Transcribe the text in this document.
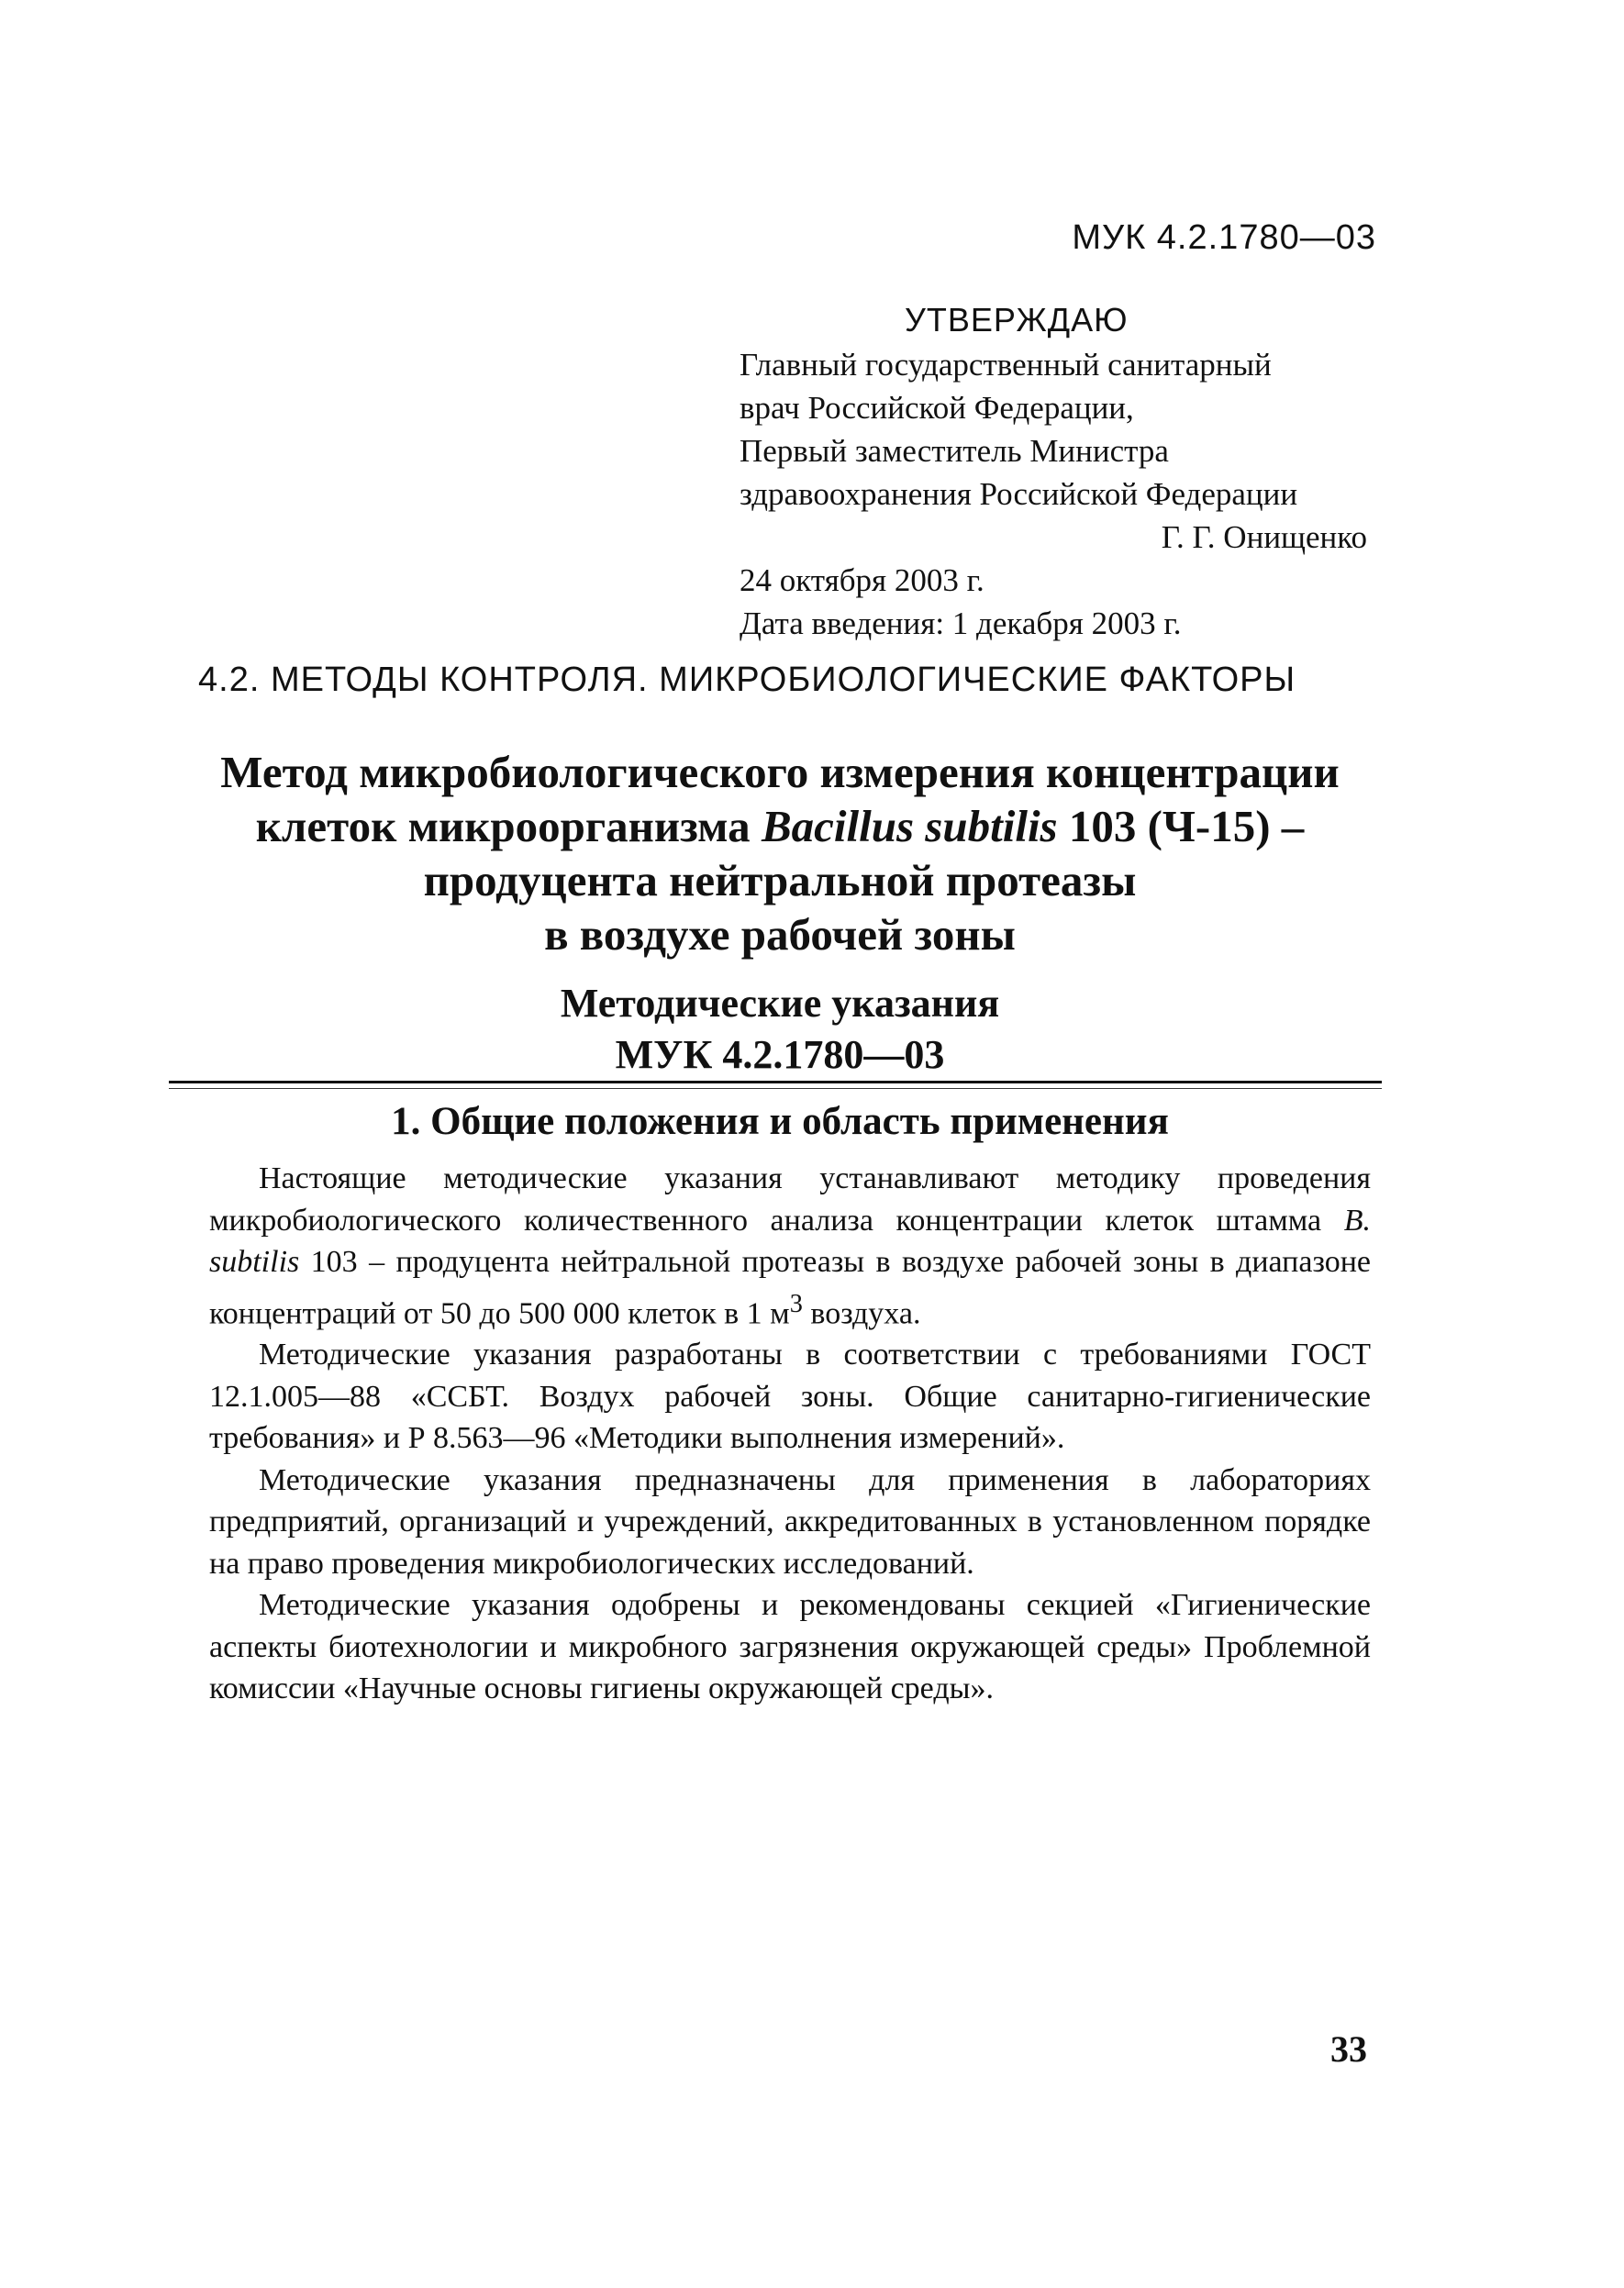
МУК 4.2.1780—03
УТВЕРЖДАЮ
Главный государственный санитарный
врач Российской Федерации,
Первый заместитель Министра
здравоохранения Российской Федерации
Г. Г. Онищенко
24 октября 2003 г.
Дата введения: 1 декабря 2003 г.
4.2. МЕТОДЫ КОНТРОЛЯ. МИКРОБИОЛОГИЧЕСКИЕ ФАКТОРЫ
Метод микробиологического измерения концентрации
клеток микроорганизма Bacillus subtilis 103 (Ч-15) –
продуцента нейтральной протеазы
в воздухе рабочей зоны
Методические указания
МУК 4.2.1780—03
1. Общие положения и область применения

Настоящие методические указания устанавливают методику проведения микробиологического количественного анализа концентрации клеток штамма B. subtilis 103 – продуцента нейтральной протеазы в воздухе рабочей зоны в диапазоне концентраций от 50 до 500 000 клеток в 1 $м^3$ воздуха.

Методические указания разработаны в соответствии с требованиями ГОСТ 12.1.005—88 «ССБТ. Воздух рабочей зоны. Общие санитарно-гигиенические требования» и Р 8.563—96 «Методики выполнения измерений».

Методические указания предназначены для применения в лабораториях предприятий, организаций и учреждений, аккредитованных в установленном порядке на право проведения микробиологических исследований.

Методические указания одобрены и рекомендованы секцией «Гигиенические аспекты биотехнологии и микробного загрязнения окружающей среды» Проблемной комиссии «Научные основы гигиены окружающей среды».

33
